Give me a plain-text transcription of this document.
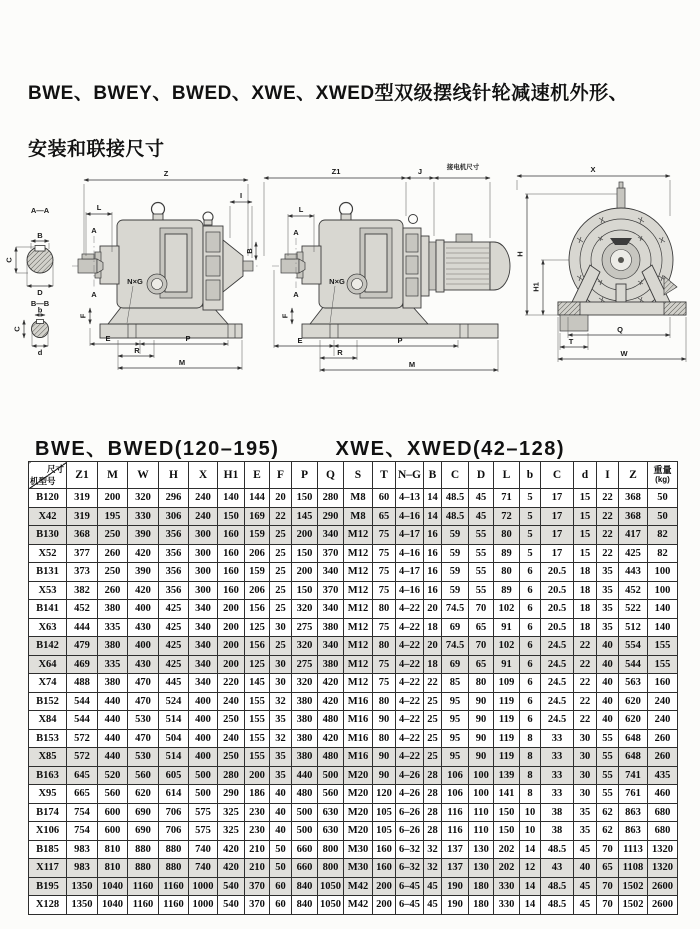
BWE、BWEY、BWED、XWE、XWED型双级摆线针轮减速机外形、

安装和联接尺寸
A—A
B
C
D
B—B
b
C
d
Z
L
A
A
N×G
F
E
R
P
M
I
B
Z1	J	接电机尺寸
L
A
A
N×G
F
E
R
P
M
X
H
H1
Q
T
W
BWE、BWED(120–195)	XWE、XWED(42–128)
尺寸
机型号
	Z1	M	W	H	X	H1	E	F	P	Q	S	T	N–G	B	C	D	L	b	C	d	I	Z	重量
(kg)

B120	319	200	320	296	240	140	144	20	150	280	M8	60	4–13	14	48.5	45	71	5	17	15	22	368	50
X42	319	195	330	306	240	150	169	22	145	290	M8	65	4–16	14	48.5	45	72	5	17	15	22	368	50
B130	368	250	390	356	300	160	159	25	200	340	M12	75	4–17	16	59	55	80	5	17	15	22	417	82
X52	377	260	420	356	300	160	206	25	150	370	M12	75	4–16	16	59	55	89	5	17	15	22	425	82
B131	373	250	390	356	300	160	159	25	200	340	M12	75	4–17	16	59	55	80	6	20.5	18	35	443	100
X53	382	260	420	356	300	160	206	25	150	370	M12	75	4–16	16	59	55	89	6	20.5	18	35	452	100
B141	452	380	400	425	340	200	156	25	320	340	M12	80	4–22	20	74.5	70	102	6	20.5	18	35	522	140
X63	444	335	430	425	340	200	125	30	275	380	M12	75	4–22	18	69	65	91	6	20.5	18	35	512	140
B142	479	380	400	425	340	200	156	25	320	340	M12	80	4–22	20	74.5	70	102	6	24.5	22	40	554	155
X64	469	335	430	425	340	200	125	30	275	380	M12	75	4–22	18	69	65	91	6	24.5	22	40	544	155
X74	488	380	470	445	340	220	145	30	320	420	M12	75	4–22	22	85	80	109	6	24.5	22	40	563	160
B152	544	440	470	524	400	240	155	32	380	420	M16	80	4–22	25	95	90	119	6	24.5	22	40	620	240
X84	544	440	530	514	400	250	155	35	380	480	M16	90	4–22	25	95	90	119	6	24.5	22	40	620	240
B153	572	440	470	504	400	240	155	32	380	420	M16	80	4–22	25	95	90	119	8	33	30	55	648	260
X85	572	440	530	514	400	250	155	35	380	480	M16	90	4–22	25	95	90	119	8	33	30	55	648	260
B163	645	520	560	605	500	280	200	35	440	500	M20	90	4–26	28	106	100	139	8	33	30	55	741	435
X95	665	560	620	614	500	290	186	40	480	560	M20	120	4–26	28	106	100	141	8	33	30	55	761	460
B174	754	600	690	706	575	325	230	40	500	630	M20	105	6–26	28	116	110	150	10	38	35	62	863	680
X106	754	600	690	706	575	325	230	40	500	630	M20	105	6–26	28	116	110	150	10	38	35	62	863	680
B185	983	810	880	880	740	420	210	50	660	800	M30	160	6–32	32	137	130	202	14	48.5	45	70	1113	1320
X117	983	810	880	880	740	420	210	50	660	800	M30	160	6–32	32	137	130	202	12	43	40	65	1108	1320
B195	1350	1040	1160	1160	1000	540	370	60	840	1050	M42	200	6–45	45	190	180	330	14	48.5	45	70	1502	2600
X128	1350	1040	1160	1160	1000	540	370	60	840	1050	M42	200	6–45	45	190	180	330	14	48.5	45	70	1502	2600
